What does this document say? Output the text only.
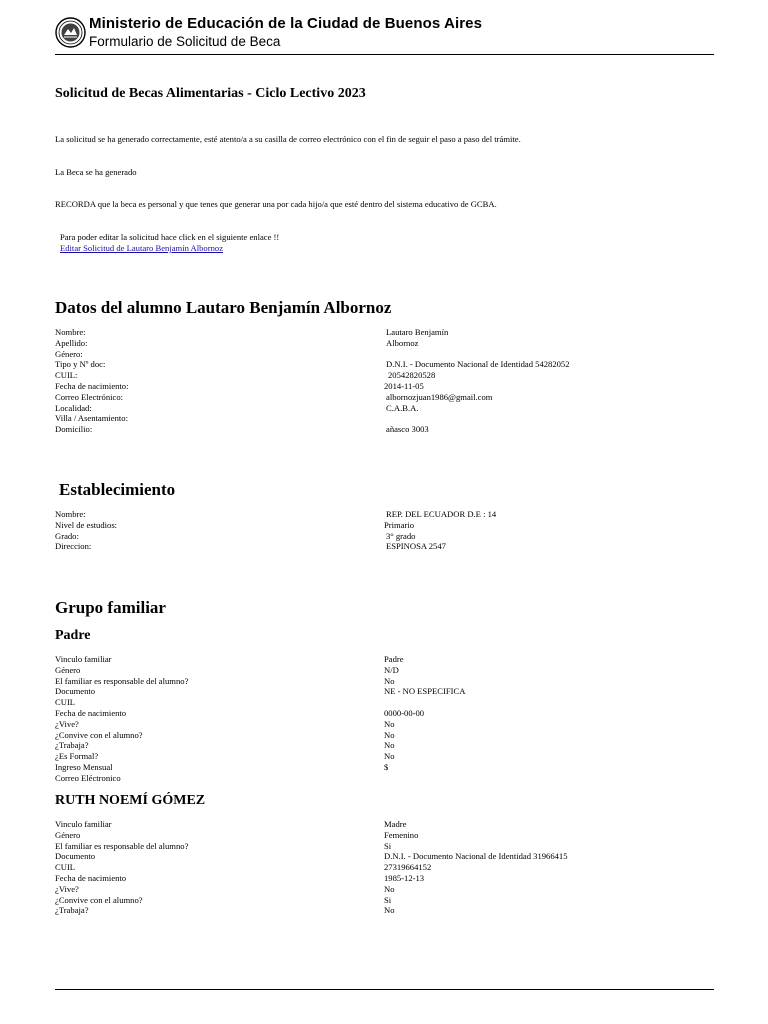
Ministerio de Educación de la Ciudad de Buenos Aires
Formulario de Solicitud de Beca
Solicitud de Becas Alimentarias - Ciclo Lectivo 2023
La solicitud se ha generado correctamente, esté atento/a a su casilla de correo electrónico con el fin de seguir el paso a paso del trámite.
La Beca se ha generado
RECORDA que la beca es personal y que tenes que generar una por cada hijo/a que esté dentro del sistema educativo de GCBA.
Para poder editar la solicitud hace click en el siguiente enlace !!
Editar Solicitud de Lautaro Benjamín Albornoz
Datos del alumno Lautaro Benjamín Albornoz
Nombre:	Lautaro Benjamín
Apellido:	Albornoz
Género:
Tipo y Nº doc:	D.N.I. - Documento Nacional de Identidad 54282052
CUIL:	20542820528
Fecha de nacimiento:	2014-11-05
Correo Electrónico:	albornozjuan1986@gmail.com
Localidad:	C.A.B.A.
Villa / Asentamiento:
Domicilio:	añasco 3003
Establecimiento
Nombre:	REP. DEL ECUADOR D.E : 14
Nivel de estudios:	Primario
Grado:	3° grado
Direccion:	ESPINOSA 2547
Grupo familiar
Padre
Vinculo familiar	Padre
Género	N/D
El familiar es responsable del alumno?	No
Documento	NE - NO ESPECIFICA
CUIL
Fecha de nacimiento	0000-00-00
¿Vive?	No
¿Convive con el alumno?	No
¿Trabaja?	No
¿Es Formal?	No
Ingreso Mensual	$
Correo Eléctronico
RUTH NOEMÍ GÓMEZ
Vinculo familiar	Madre
Género	Femenino
El familiar es responsable del alumno?	Si
Documento	D.N.I. - Documento Nacional de Identidad 31966415
CUIL	27319664152
Fecha de nacimiento	1985-12-13
¿Vive?	No
¿Convive con el alumno?	Si
¿Trabaja?	No
